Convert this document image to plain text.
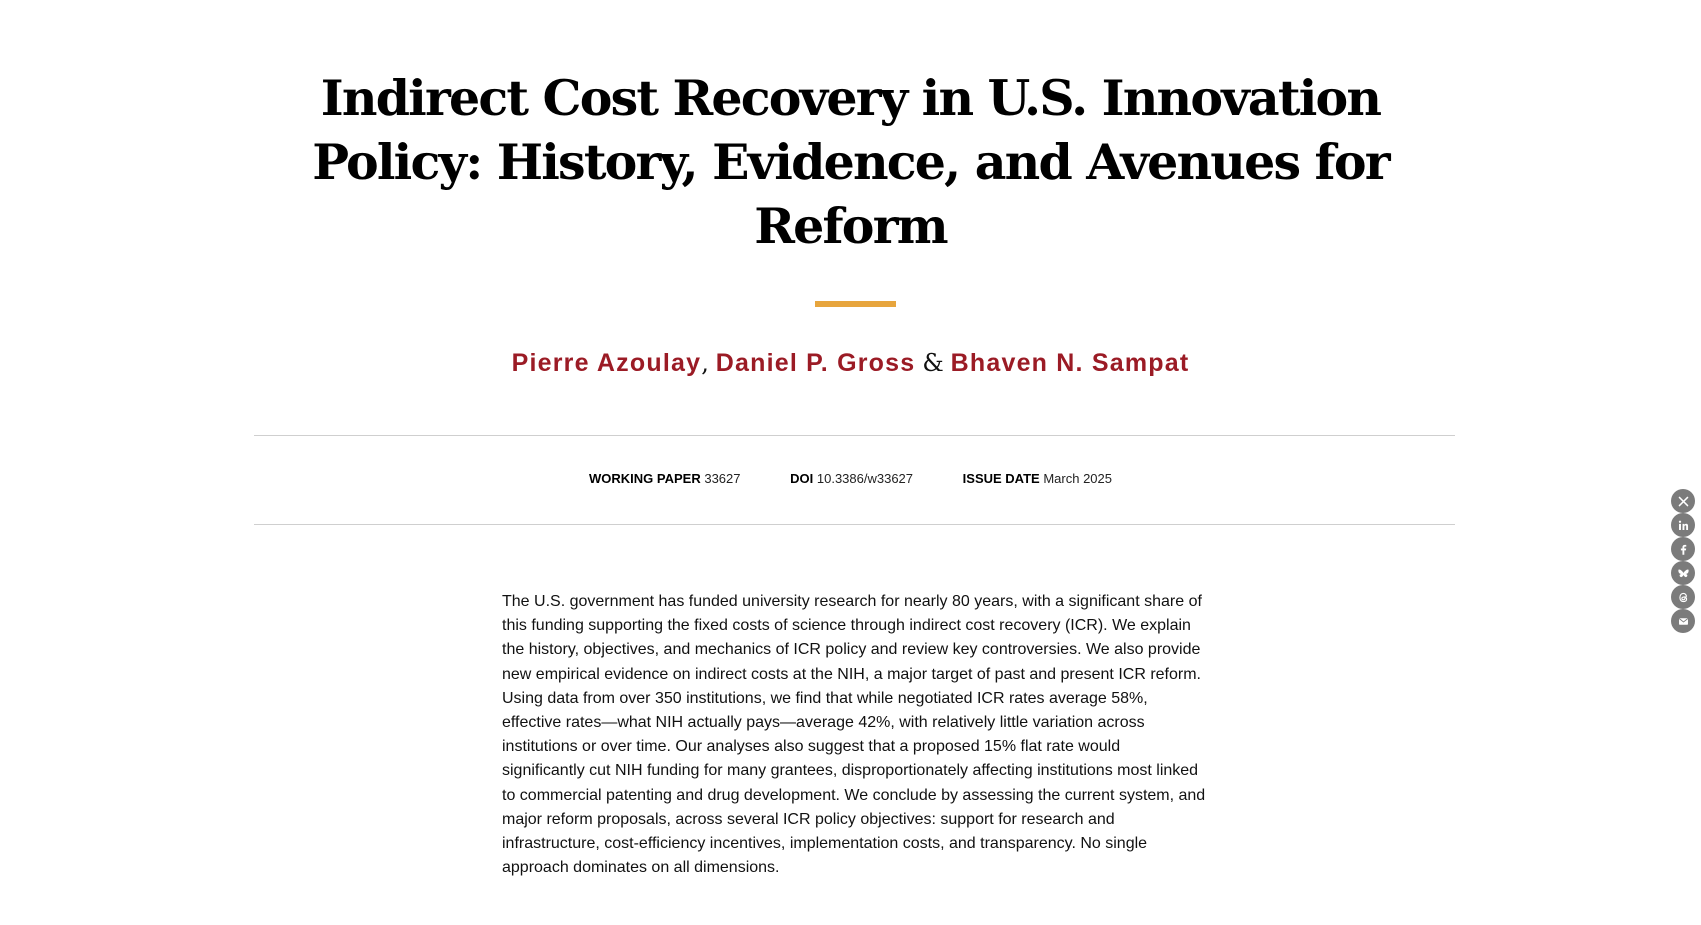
Indirect Cost Recovery in U.S. Innovation Policy: History, Evidence, and Avenues for Reform
Pierre Azoulay, Daniel P. Gross & Bhaven N. Sampat
WORKING PAPER 33627	DOI 10.3386/w33627	ISSUE DATE March 2025

The U.S. government has funded university research for nearly 80 years, with a significant share of this funding supporting the fixed costs of science through indirect cost recovery (ICR). We explain the history, objectives, and mechanics of ICR policy and review key controversies. We also provide new empirical evidence on indirect costs at the NIH, a major target of past and present ICR reform. Using data from over 350 institutions, we find that while negotiated ICR rates average 58%, effective rates—what NIH actually pays—average 42%, with relatively little variation across institutions or over time. Our analyses also suggest that a proposed 15% flat rate would significantly cut NIH funding for many grantees, disproportionately affecting institutions most linked to commercial patenting and drug development. We conclude by assessing the current system, and major reform proposals, across several ICR policy objectives: support for research and infrastructure, cost-efficiency incentives, implementation costs, and transparency. No single approach dominates on all dimensions.
